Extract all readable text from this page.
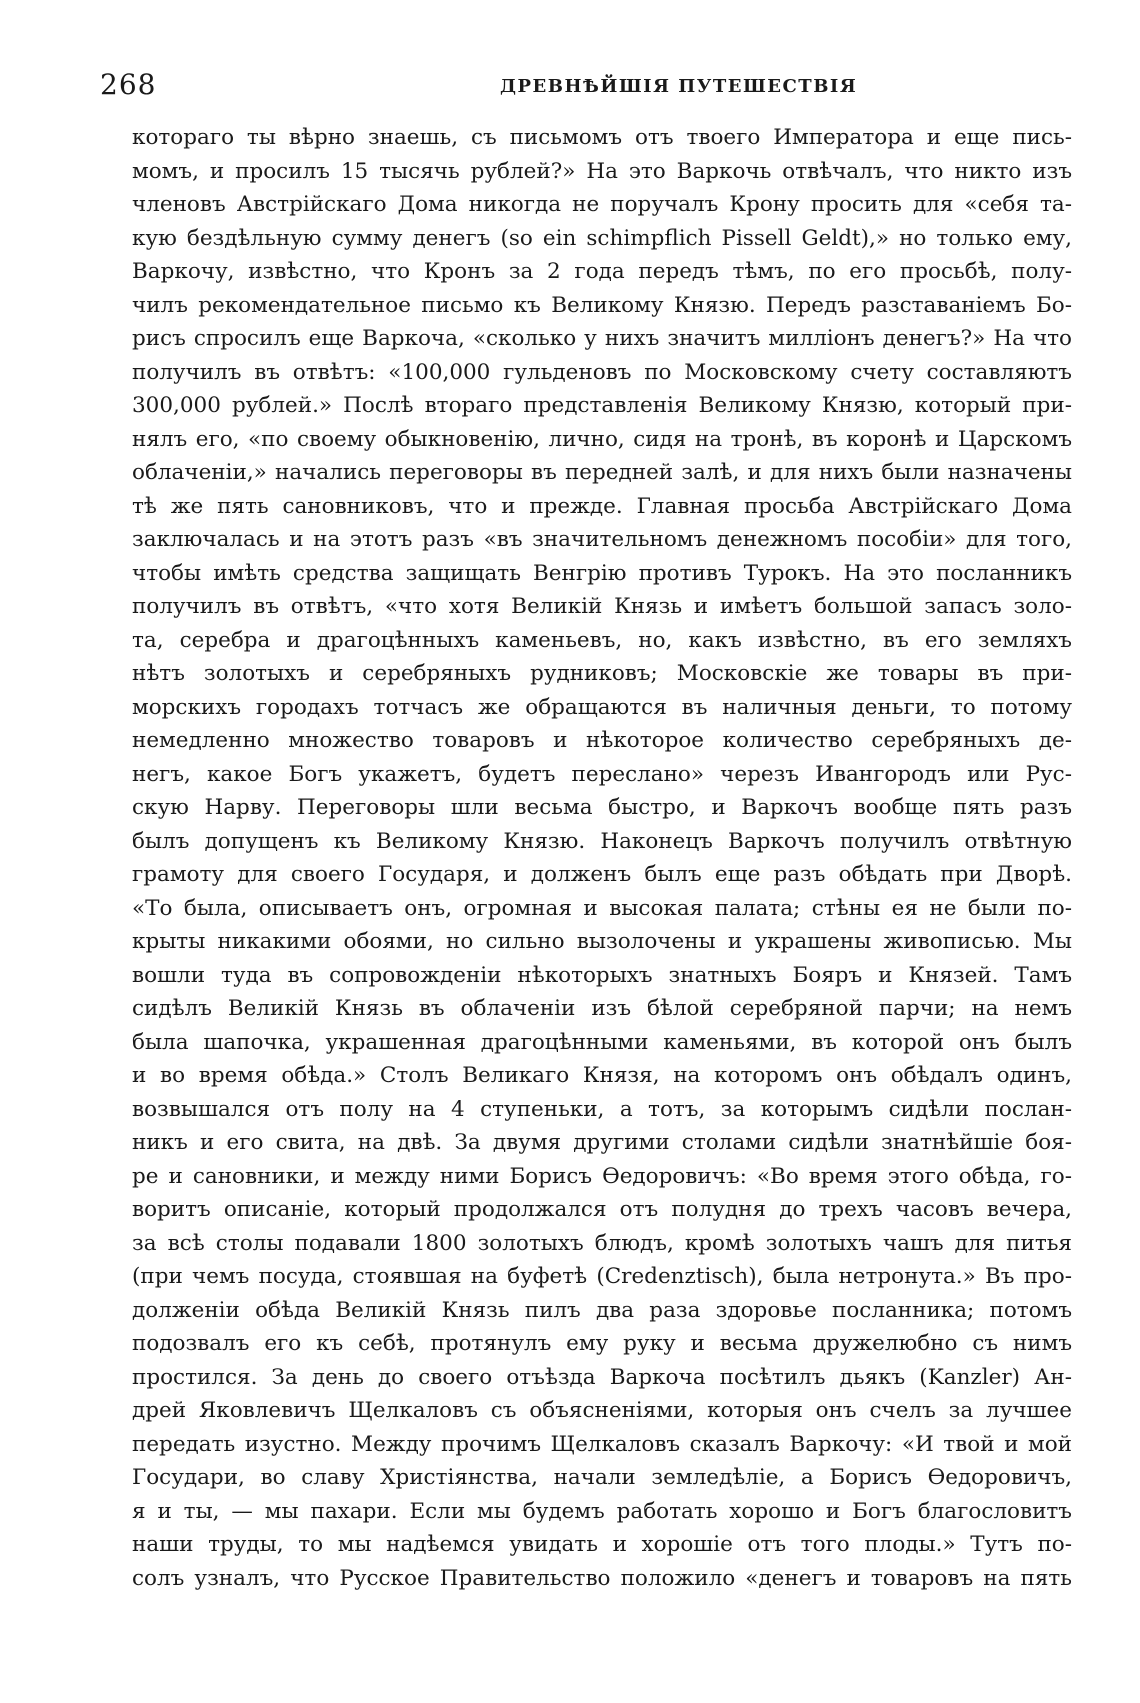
268	ДРЕВНѢЙШІЯ ПУТЕШЕСТВІЯ
котораго ты вѣрно знаешь, съ письмомъ отъ твоего Императора и еще пись-
момъ, и просилъ 15 тысячь рублей?» На это Варкочь отвѣчалъ, что никто изъ
членовъ Австрійскаго Дома никогда не поручалъ Крону просить для «себя та-
кую бездѣльную сумму денегъ (so ein schimpflich Pissell Geldt),» но только ему,
Варкочу, извѣстно, что Кронъ за 2 года передъ тѣмъ, по его просьбѣ, полу-
чилъ рекомендательное письмо къ Великому Князю. Передъ разставаніемъ Бо-
рисъ спросилъ еще Варкоча, «сколько у нихъ значитъ милліонъ денегъ?» На что
получилъ въ отвѣтъ: «100,000 гульденовъ по Московскому счету составляютъ
300,000 рублей.» Послѣ втораго представленія Великому Князю, который при-
нялъ его, «по своему обыкновенію, лично, сидя на тронѣ, въ коронѣ и Царскомъ
облаченіи,» начались переговоры въ передней залѣ, и для нихъ были назначены
тѣ же пять сановниковъ, что и прежде. Главная просьба Австрійскаго Дома
заключалась и на этотъ разъ «въ значительномъ денежномъ пособіи» для того,
чтобы имѣть средства защищать Венгрію противъ Турокъ. На это посланникъ
получилъ въ отвѣтъ, «что хотя Великій Князь и имѣетъ большой запасъ золо-
та, серебра и драгоцѣнныхъ каменьевъ, но, какъ извѣстно, въ его земляхъ
нѣтъ золотыхъ и серебряныхъ рудниковъ; Московскіе же товары въ при-
морскихъ городахъ тотчасъ же обращаются въ наличныя деньги, то потому
немедленно множество товаровъ и нѣкоторое количество серебряныхъ де-
негъ, какое Богъ укажетъ, будетъ переслано» черезъ Ивангородъ или Рус-
скую Нарву. Переговоры шли весьма быстро, и Варкочъ вообще пять разъ
былъ допущенъ къ Великому Князю. Наконецъ Варкочъ получилъ отвѣтную
грамоту для своего Государя, и долженъ былъ еще разъ обѣдать при Дворѣ.
«То была, описываетъ онъ, огромная и высокая палата; стѣны ея не были по-
крыты никакими обоями, но сильно вызолочены и украшены живописью. Мы
вошли туда въ сопровожденіи нѣкоторыхъ знатныхъ Бояръ и Князей. Тамъ
сидѣлъ Великій Князь въ облаченіи изъ бѣлой серебряной парчи; на немъ
была шапочка, украшенная драгоцѣнными каменьями, въ которой онъ былъ
и во время обѣда.» Столъ Великаго Князя, на которомъ онъ обѣдалъ одинъ,
возвышался отъ полу на 4 ступеньки, а тотъ, за которымъ сидѣли послан-
никъ и его свита, на двѣ. За двумя другими столами сидѣли знатнѣйшіе боя-
ре и сановники, и между ними Борисъ Ѳедоровичъ: «Во время этого обѣда, го-
воритъ описаніе, который продолжался отъ полудня до трехъ часовъ вечера,
за всѣ столы подавали 1800 золотыхъ блюдъ, кромѣ золотыхъ чашъ для питья
(при чемъ посуда, стоявшая на буфетѣ (Credenztisch), была нетронута.» Въ про-
долженіи обѣда Великій Князь пилъ два раза здоровье посланника; потомъ
подозвалъ его къ себѣ, протянулъ ему руку и весьма дружелюбно съ нимъ
простился. За день до своего отъѣзда Варкоча посѣтилъ дьякъ (Kanzler) Ан-
дрей Яковлевичъ Щелкаловъ съ объясненіями, которыя онъ счелъ за лучшее
передать изустно. Между прочимъ Щелкаловъ сказалъ Варкочу: «И твой и мой
Государи, во славу Христіянства, начали земледѣліе, а Борисъ Ѳедоровичъ,
я и ты, — мы пахари. Если мы будемъ работать хорошо и Богъ благословитъ
наши труды, то мы надѣемся увидать и хорошіе отъ того плоды.» Тутъ по-
солъ узналъ, что Русское Правительство положило «денегъ и товаровъ на пять
